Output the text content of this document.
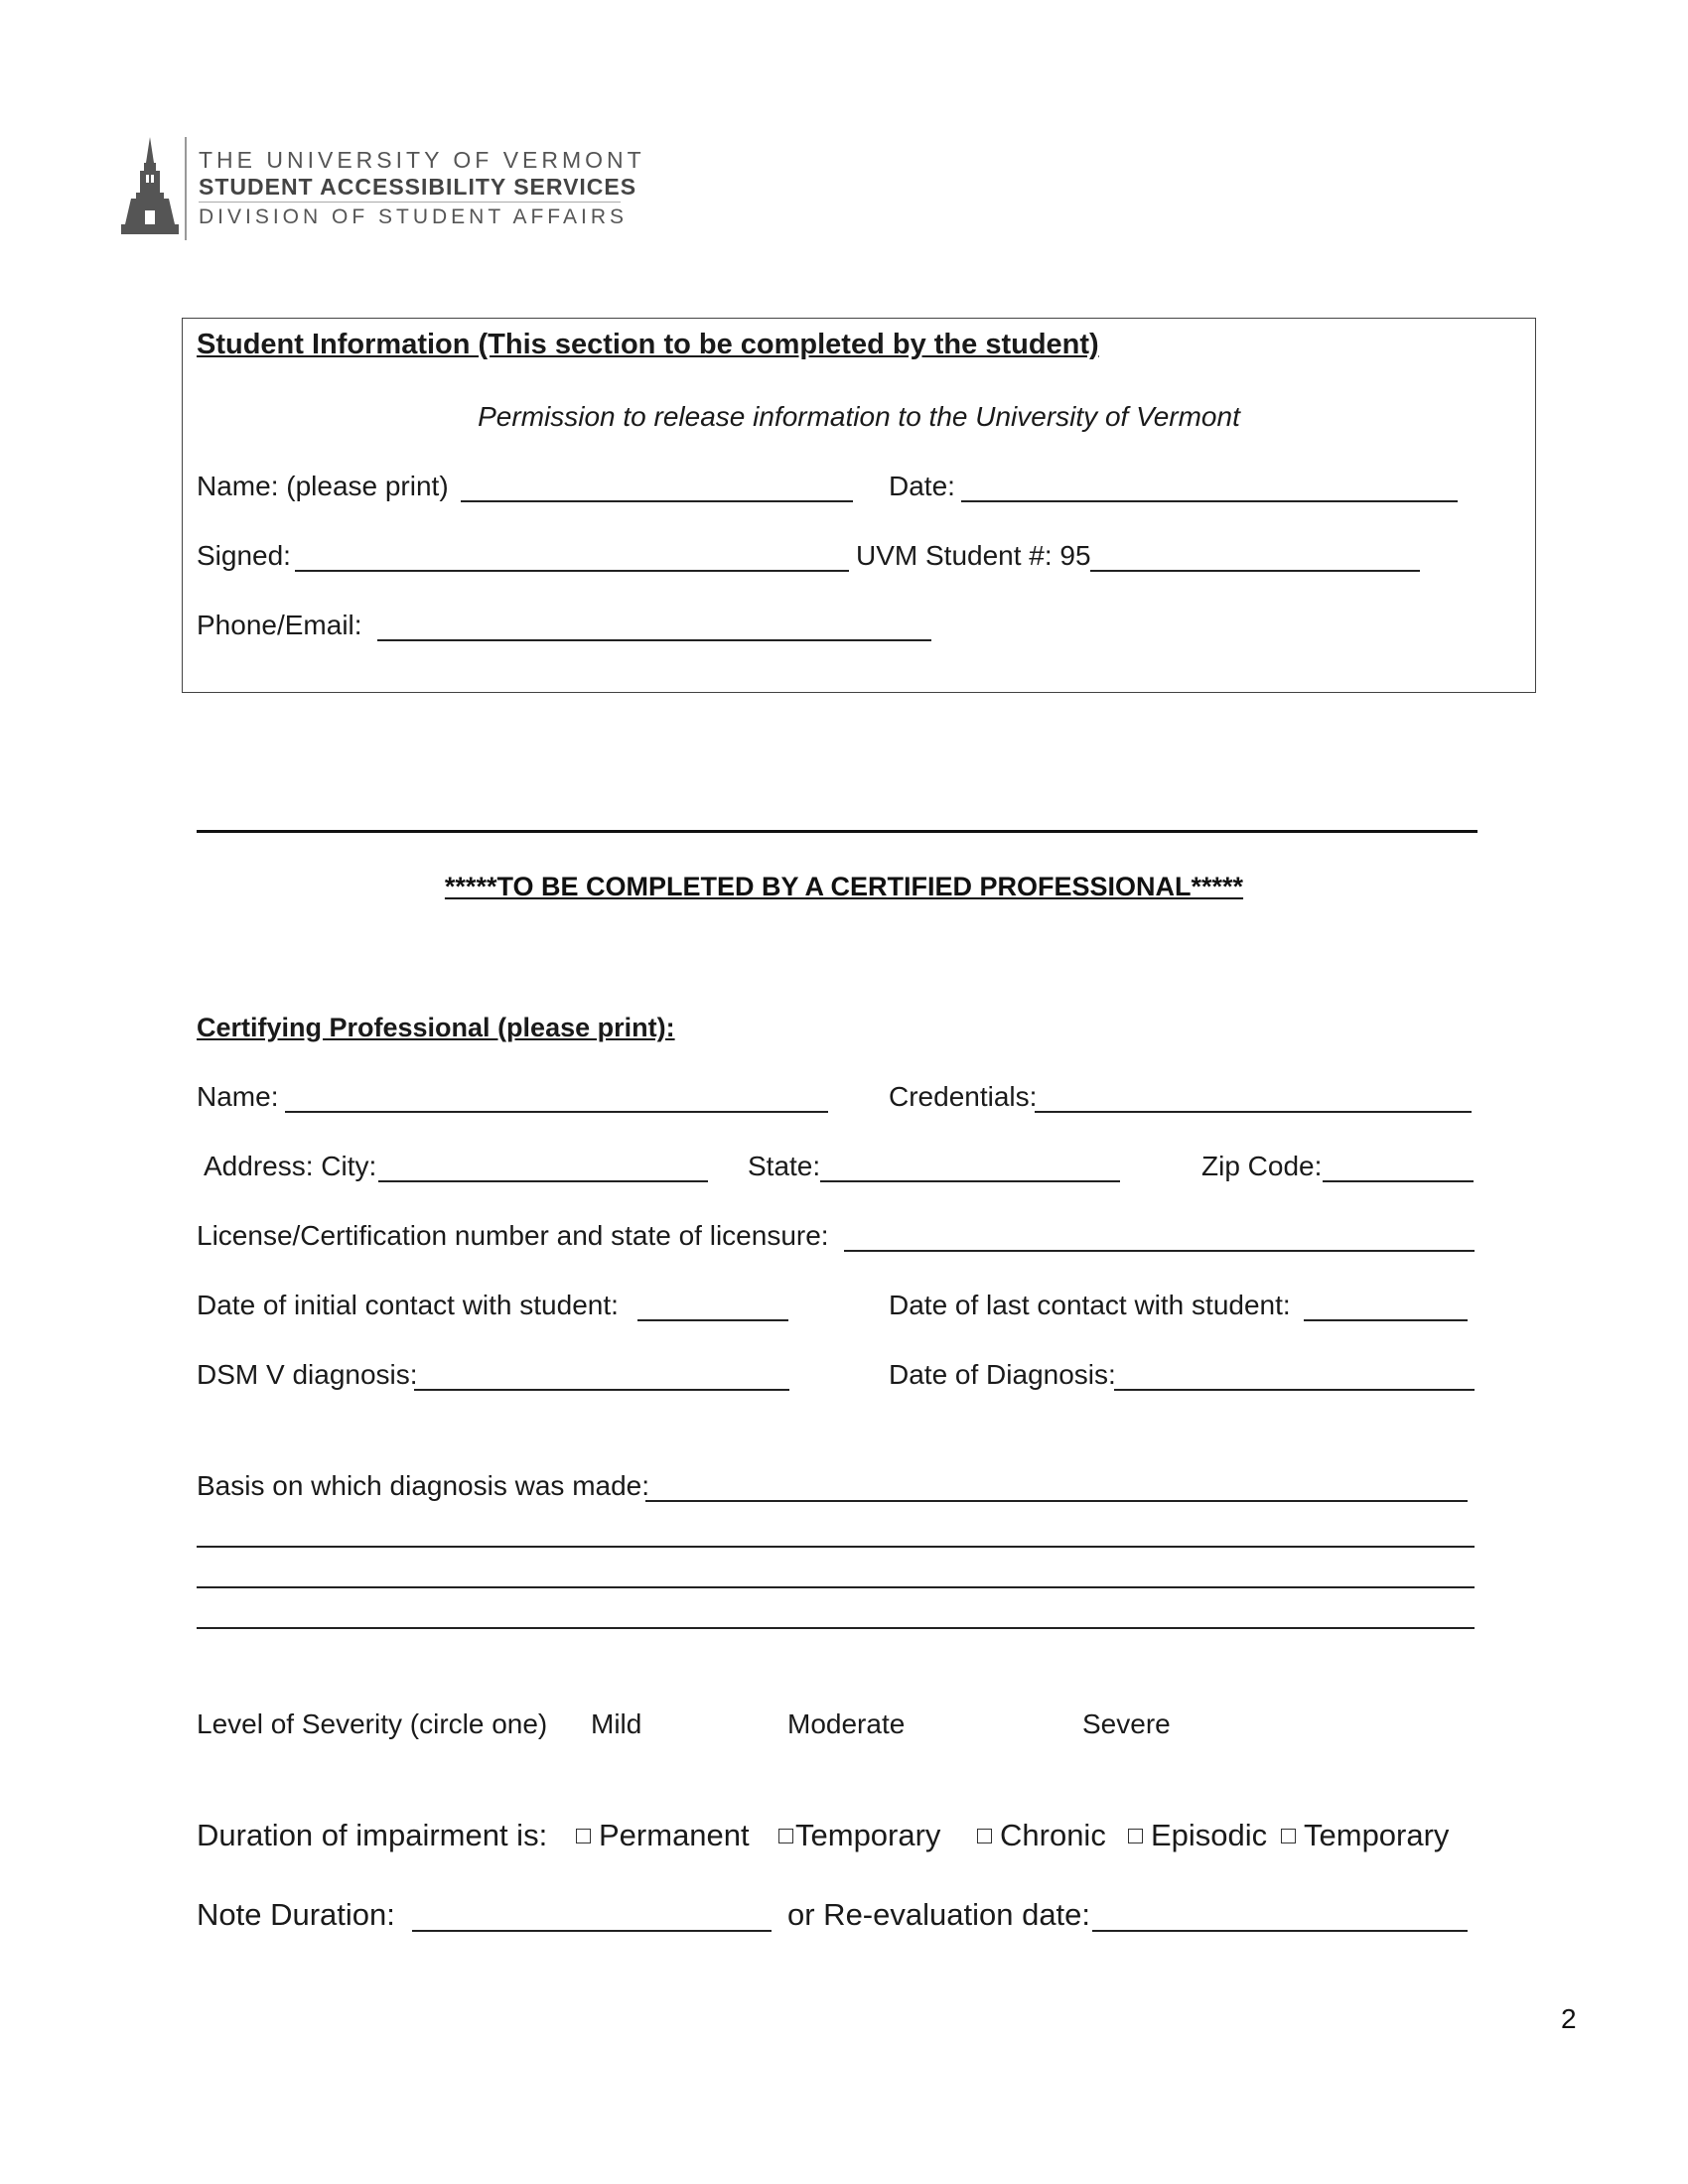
THE UNIVERSITY OF VERMONT
STUDENT ACCESSIBILITY SERVICES
DIVISION OF STUDENT AFFAIRS
Student Information (This section to be completed by the student)
Permission to release information to the University of Vermont
Name: (please print)	Date:
Signed:	UVM Student #: 95
Phone/Email:
*****TO BE COMPLETED BY A CERTIFIED PROFESSIONAL*****
Certifying Professional (please print):
Name:	Credentials:
Address: City:	State:	Zip Code:
License/Certification number and state of licensure:
Date of initial contact with student:	Date of last contact with student:
DSM V diagnosis:	Date of Diagnosis:
Basis on which diagnosis was made:
Level of Severity (circle one) Mild	Moderate	Severe
Duration of impairment is:	Permanent	Temporary	Chronic	Episodic	Temporary
Note Duration:	or Re-evaluation date:
2
